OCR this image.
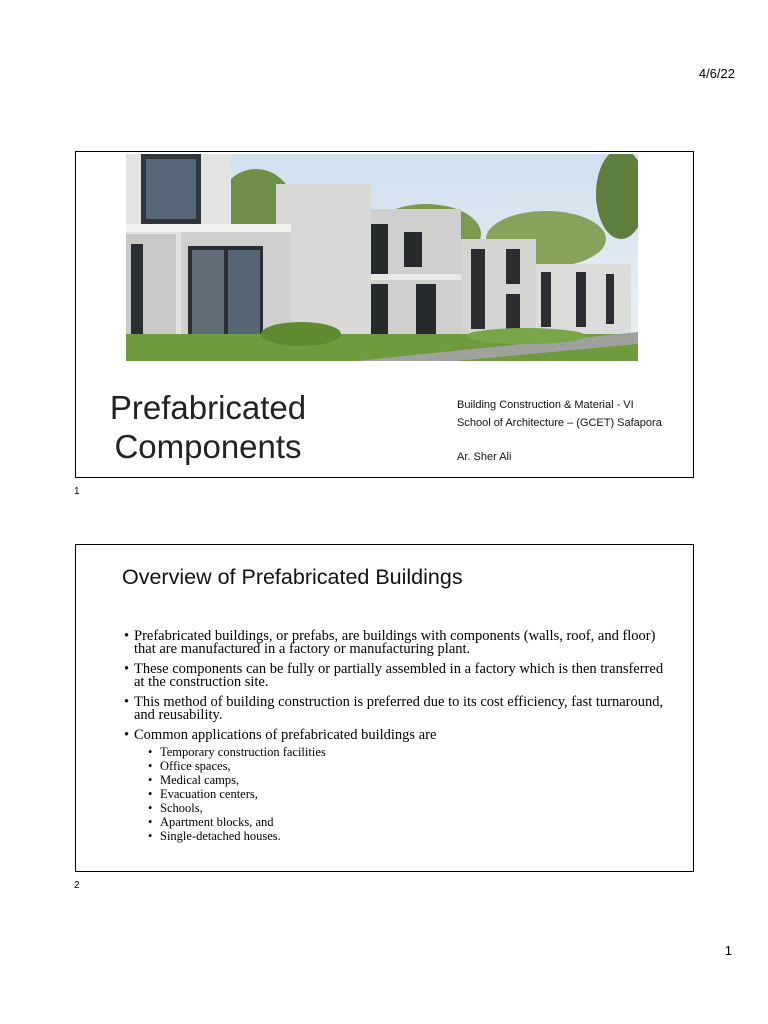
4/6/22
Prefabricated
Components
Building Construction & Material - VI
School of Architecture – (GCET) Safapora
Ar. Sher Ali
1
Overview of Prefabricated Buildings
• Prefabricated buildings, or prefabs, are buildings with components (walls, roof, and floor) that are manufactured in a factory or manufacturing plant.
• These components can be fully or partially assembled in a factory which is then transferred at the construction site.
• This method of building construction is preferred due to its cost efficiency, fast turnaround, and reusability.
• Common applications of prefabricated buildings are
• Temporary construction facilities
• Office spaces,
• Medical camps,
• Evacuation centers,
• Schools,
• Apartment blocks, and
• Single-detached houses.
2
1
